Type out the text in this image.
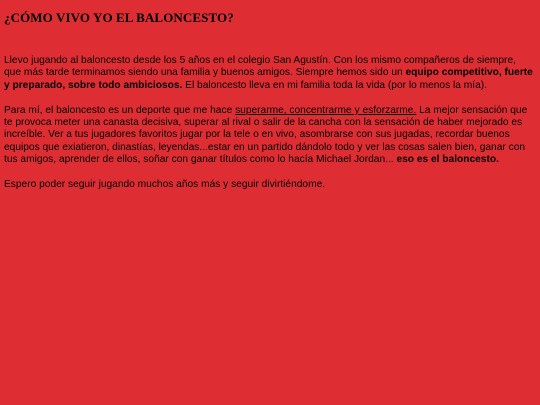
¿CÓMO VIVO YO EL BALONCESTO?

Llevo jugando al baloncesto desde los 5 años en el colegio San Agustín. Con los mismo compañeros de siempre, que más tarde terminamos siendo una familia y buenos amigos. Siempre hemos sido un equipo competitivo, fuerte y preparado, sobre todo ambiciosos. El baloncesto lleva en mi familia toda la vida (por lo menos la mía).

Para mí, el baloncesto es un deporte que me hace superarme, concentrarme y esforzarme. La mejor sensación que te provoca meter una canasta decisiva, superar al rival o salir de la cancha con la sensación de haber mejorado es increíble. Ver a tus jugadores favoritos jugar por la tele o en vivo, asombrarse con sus jugadas, recordar buenos equipos que exiatieron, dinastías, leyendas...estar en un partido dándolo todo y ver las cosas salen bien, ganar con tus amigos, aprender de ellos, soñar con ganar títulos como lo hacía Michael Jordan... eso es el baloncesto.

Espero poder seguir jugando muchos años más y seguir divirtiéndome.
